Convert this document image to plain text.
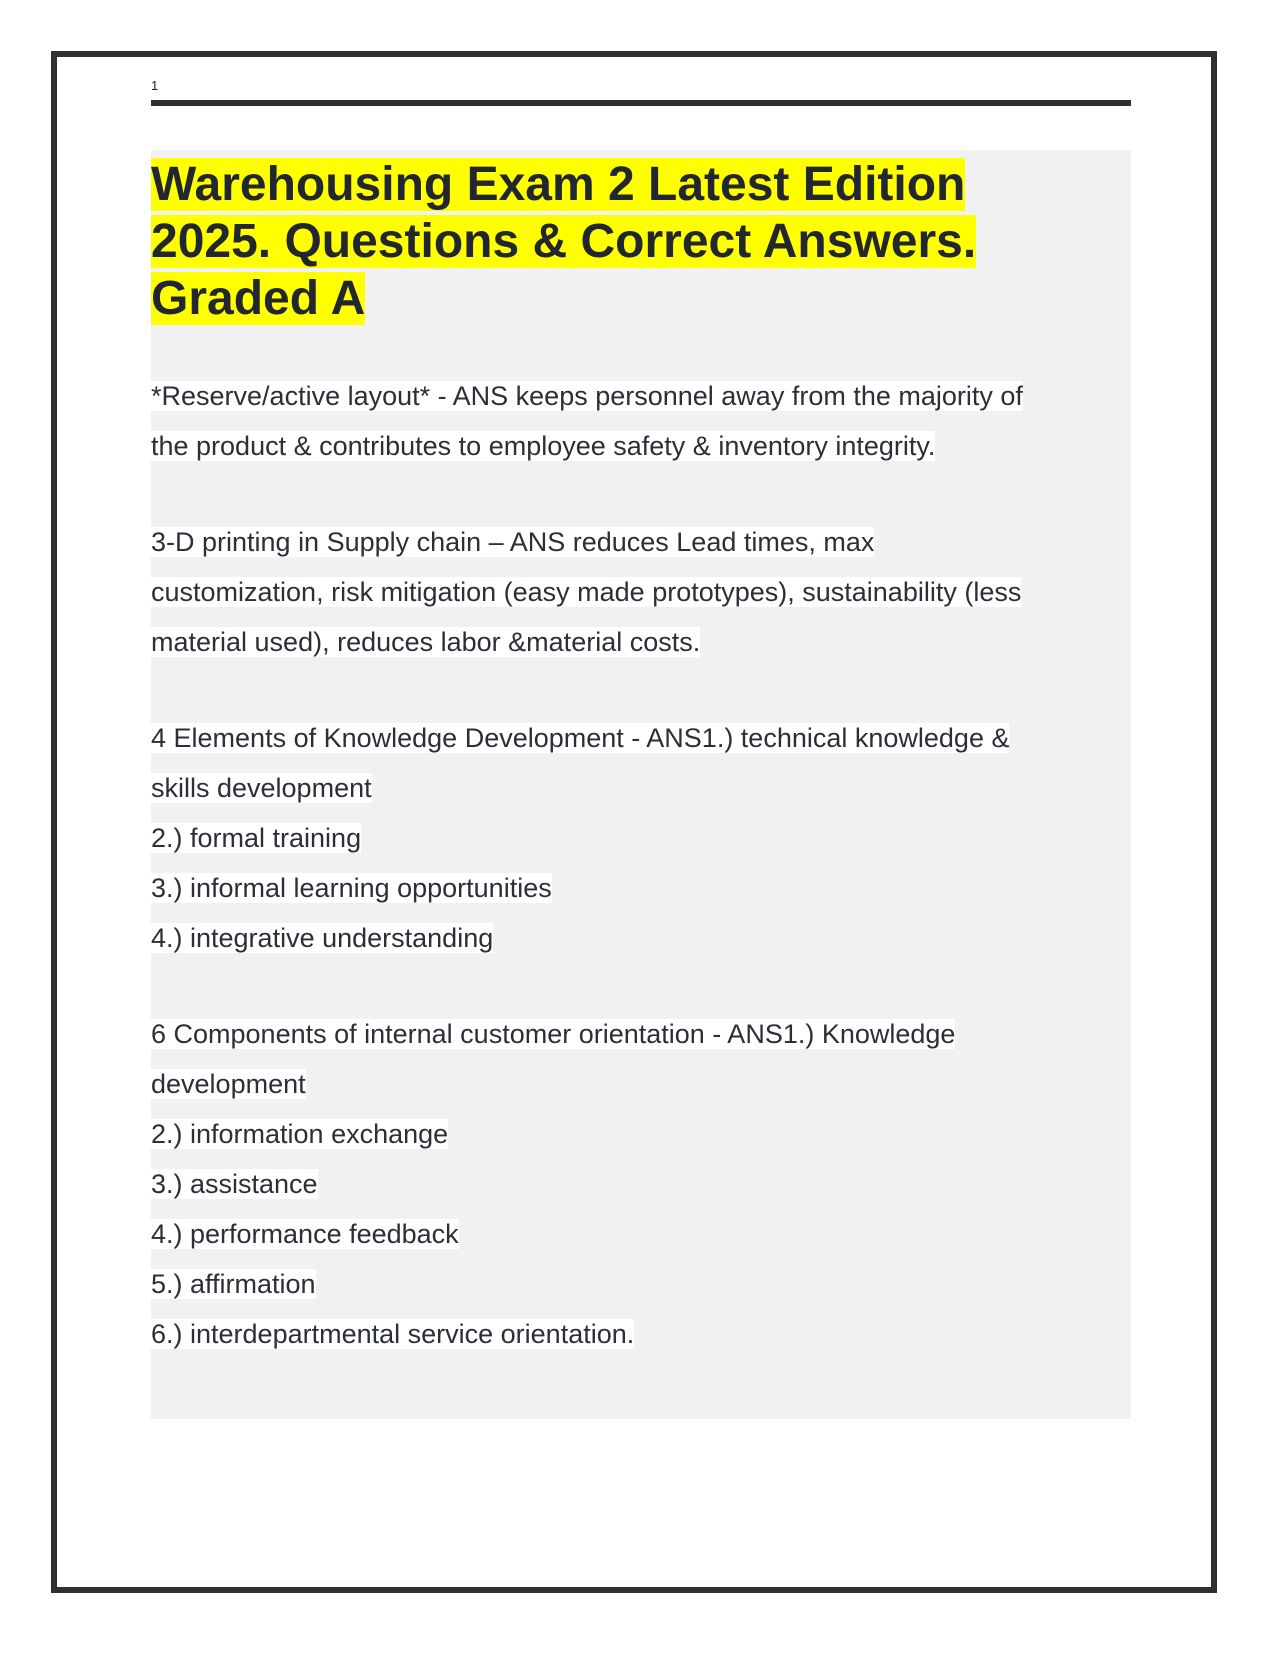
1
Warehousing Exam 2 Latest Edition
2025. Questions & Correct Answers.
Graded A
*Reserve/active layout* - ANS keeps personnel away from the majority of
the product & contributes to employee safety & inventory integrity.
3-D printing in Supply chain – ANS reduces Lead times, max
customization, risk mitigation (easy made prototypes), sustainability (less
material used), reduces labor &material costs.
4 Elements of Knowledge Development - ANS1.) technical knowledge &
skills development
2.) formal training
3.) informal learning opportunities
4.) integrative understanding
6 Components of internal customer orientation - ANS1.) Knowledge
development
2.) information exchange
3.) assistance
4.) performance feedback
5.) affirmation
6.) interdepartmental service orientation.
